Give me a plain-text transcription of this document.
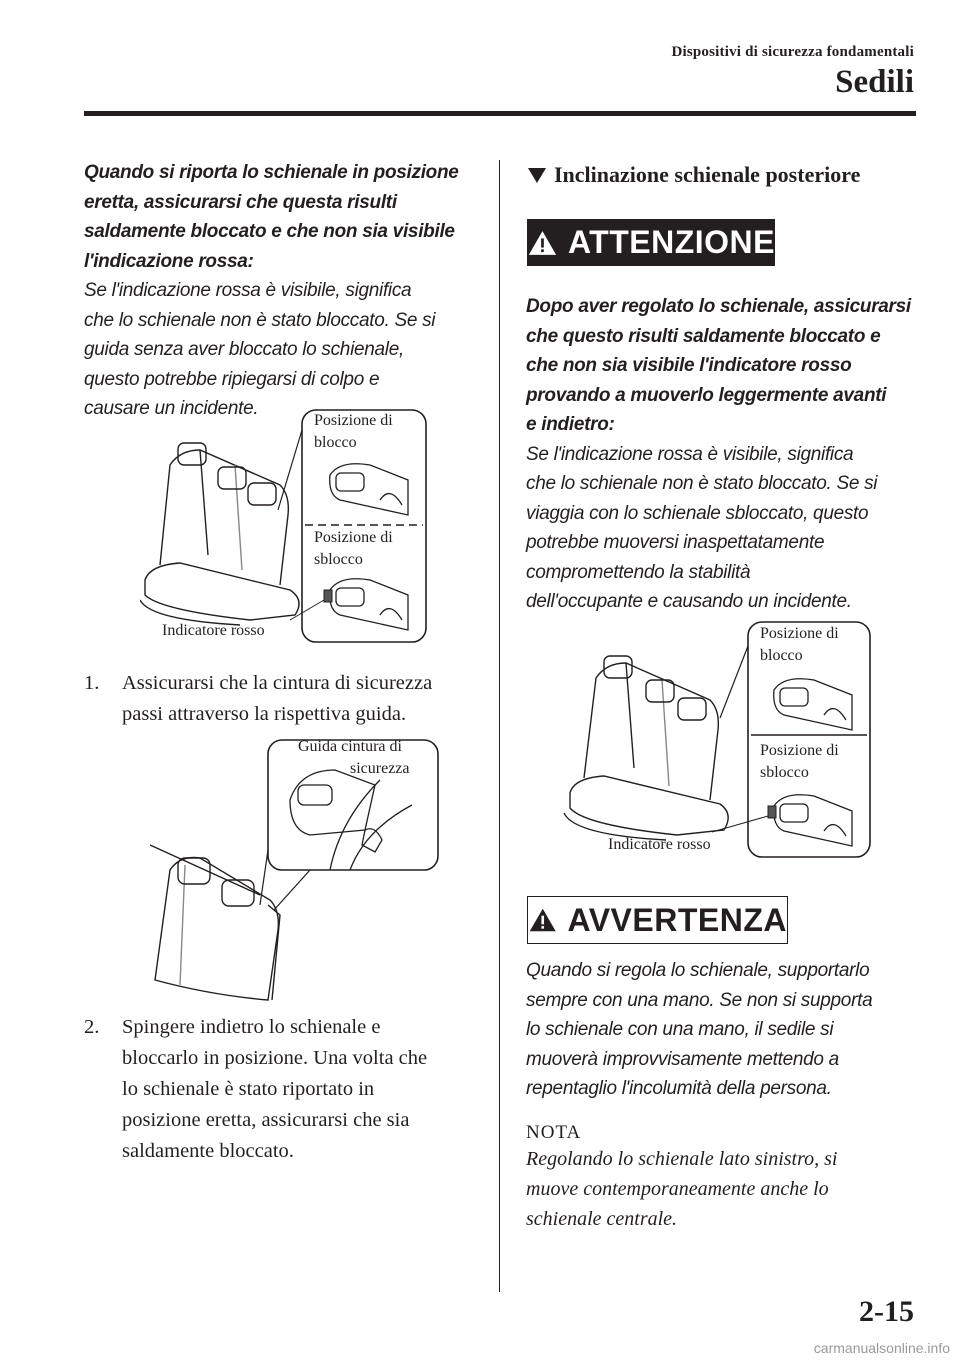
Dispositivi di sicurezza fondamentali
Sedili
Quando si riporta lo schienale in posizione
eretta, assicurarsi che questa risulti
saldamente bloccato e che non sia visibile
l'indicazione rossa:
Se l'indicazione rossa è visibile, significa
che lo schienale non è stato bloccato. Se si
guida senza aver bloccato lo schienale,
questo potrebbe ripiegarsi di colpo e
causare un incidente.
Posizione di
blocco
Posizione di
sblocco
Indicatore rosso
1.	Assicurarsi che la cintura di sicurezza
passi attraverso la rispettiva guida.
Guida cintura di
sicurezza
2.	Spingere indietro lo schienale e
bloccarlo in posizione. Una volta che
lo schienale è stato riportato in
posizione eretta, assicurarsi che sia
saldamente bloccato.
Inclinazione schienale posteriore
ATTENZIONE
Dopo aver regolato lo schienale, assicurarsi
che questo risulti saldamente bloccato e
che non sia visibile l'indicatore rosso
provando a muoverlo leggermente avanti
e indietro:
Se l'indicazione rossa è visibile, significa
che lo schienale non è stato bloccato. Se si
viaggia con lo schienale sbloccato, questo
potrebbe muoversi inaspettatamente
compromettendo la stabilità
dell'occupante e causando un incidente.
Posizione di
blocco
Posizione di
sblocco
Indicatore rosso
AVVERTENZA
Quando si regola lo schienale, supportarlo
sempre con una mano. Se non si supporta
lo schienale con una mano, il sedile si
muoverà improvvisamente mettendo a
repentaglio l'incolumità della persona.
NOTA
Regolando lo schienale lato sinistro, si
muove contemporaneamente anche lo
schienale centrale.
2-15
carmanualsonline.info
